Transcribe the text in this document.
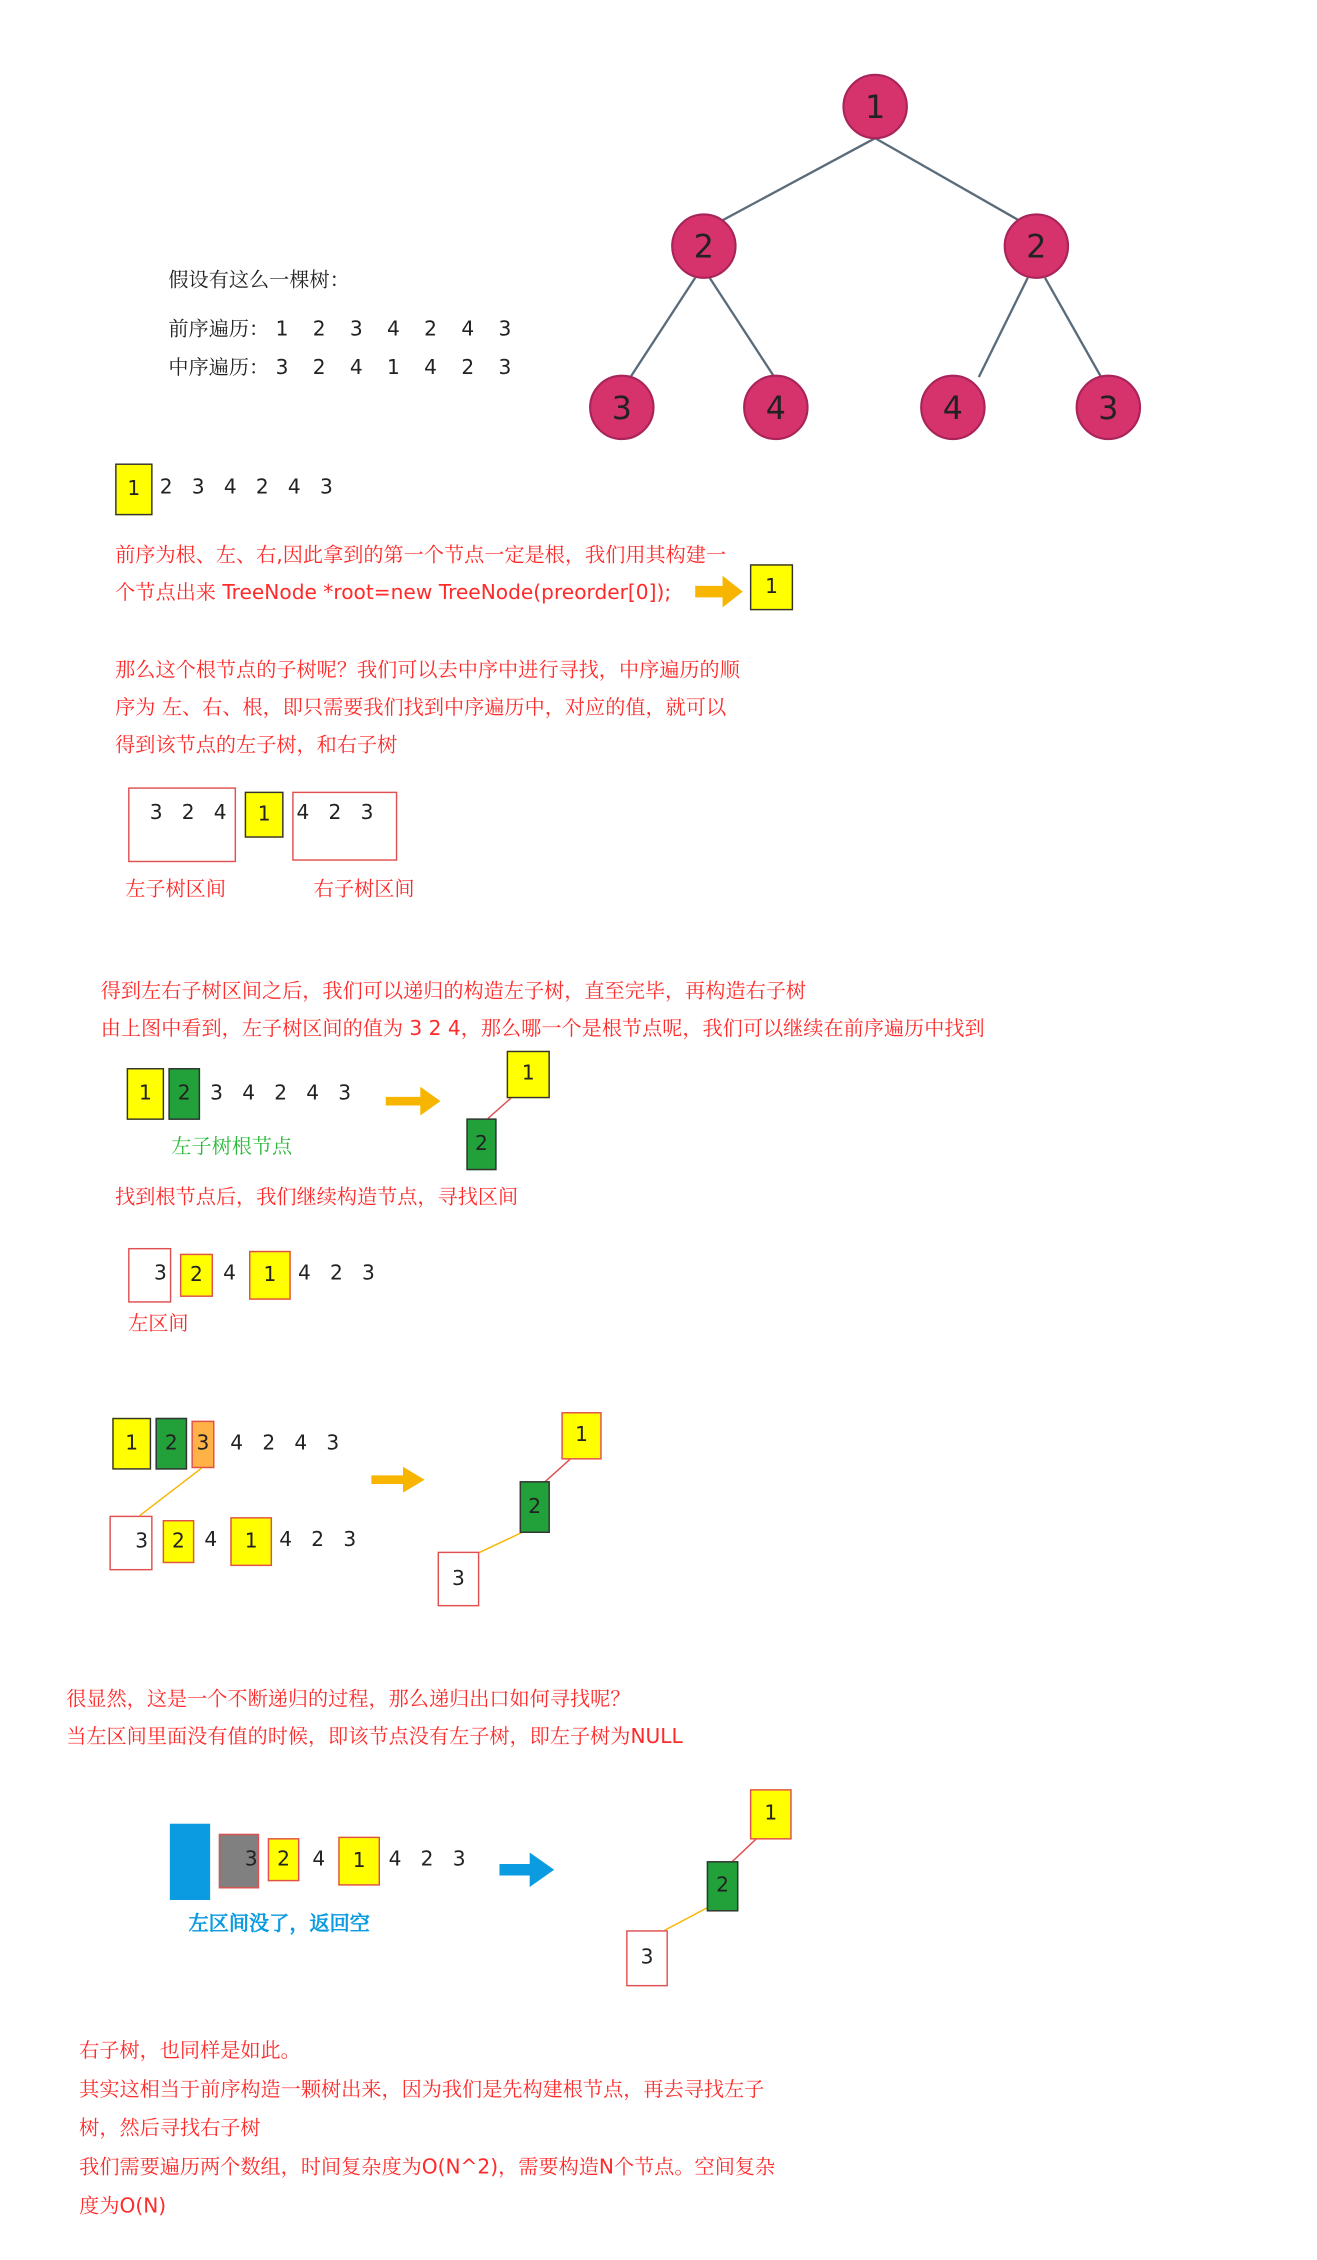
1
2	2
3	4	4	3
假设有这么一棵树：
前序遍历： 1  2  3  4  2  4  3
中序遍历： 3  2  4  1  4  2  3
1	2   3   4   2   4   3
前序为根、左、右,因此拿到的第一个节点一定是根，我们用其构建一
个节点出来 TreeNode *root=new TreeNode(preorder[0]);	1
那么这个根节点的子树呢？我们可以去中序中进行寻找，中序遍历的顺
序为 左、右、根，即只需要我们找到中序遍历中，对应的值，就可以
得到该节点的左子树，和右子树
3   2   4	1	4   2   3
左子树区间	右子树区间
得到左右子树区间之后，我们可以递归的构造左子树，直至完毕，再构造右子树
由上图中看到，左子树区间的值为 3 2 4，那么哪一个是根节点呢，我们可以继续在前序遍历中找到
1	2	3   4   2   4   3
左子树根节点
1
2
找到根节点后，我们继续构造节点，寻找区间
3	2	4	1	4   2   3
左区间
1	2	3	4   2   4   3
3	2	4	1	4   2   3
1
2
3
很显然，这是一个不断递归的过程，那么递归出口如何寻找呢？
当左区间里面没有值的时候，即该节点没有左子树，即左子树为NULL
3	2	4	1	4   2   3
左区间没了，返回空
1
2
3
右子树，也同样是如此。
其实这相当于前序构造一颗树出来，因为我们是先构建根节点，再去寻找左子
树，然后寻找右子树
我们需要遍历两个数组，时间复杂度为O(N^2)，需要构造N个节点。空间复杂
度为O(N)
